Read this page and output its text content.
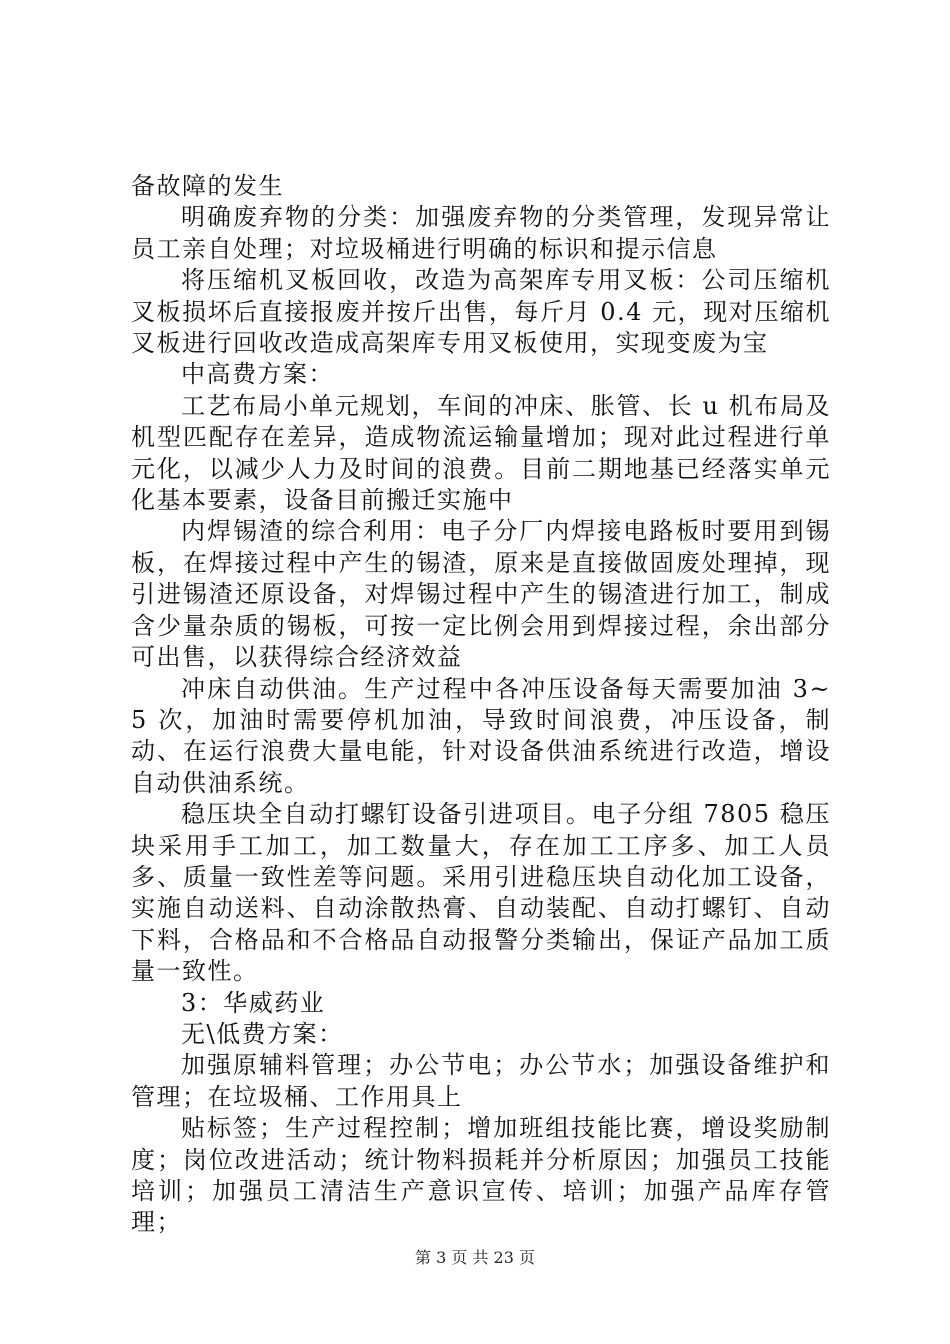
备故障的发生

明确废弃物的分类：加强废弃物的分类管理，发现异常让员工亲自处理；对垃圾桶进行明确的标识和提示信息

将压缩机叉板回收，改造为高架库专用叉板：公司压缩机叉板损坏后直接报废并按斤出售，每斤月 0.4 元，现对压缩机叉板进行回收改造成高架库专用叉板使用，实现变废为宝

中高费方案：

工艺布局小单元规划，车间的冲床、胀管、长 u 机布局及机型匹配存在差异，造成物流运输量增加；现对此过程进行单元化，以减少人力及时间的浪费。目前二期地基已经落实单元化基本要素，设备目前搬迁实施中

内焊锡渣的综合利用：电子分厂内焊接电路板时要用到锡板，在焊接过程中产生的锡渣，原来是直接做固废处理掉，现引进锡渣还原设备，对焊锡过程中产生的锡渣进行加工，制成含少量杂质的锡板，可按一定比例会用到焊接过程，余出部分可出售，以获得综合经济效益

冲床自动供油。生产过程中各冲压设备每天需要加油 3~5 次，加油时需要停机加油，导致时间浪费，冲压设备，制动、在运行浪费大量电能，针对设备供油系统进行改造，增设自动供油系统。

稳压块全自动打螺钉设备引进项目。电子分组 7805 稳压块采用手工加工，加工数量大，存在加工工序多、加工人员多、质量一致性差等问题。采用引进稳压块自动化加工设备，实施自动送料、自动涂散热膏、自动装配、自动打螺钉、自动下料，合格品和不合格品自动报警分类输出，保证产品加工质量一致性。

3：华威药业

无\低费方案：

加强原辅料管理；办公节电；办公节水；加强设备维护和管理；在垃圾桶、工作用具上

贴标签；生产过程控制；增加班组技能比赛，增设奖励制度；岗位改进活动；统计物料损耗并分析原因；加强员工技能培训；加强员工清洁生产意识宣传、培训；加强产品库存管理；

第 3 页 共 23 页
